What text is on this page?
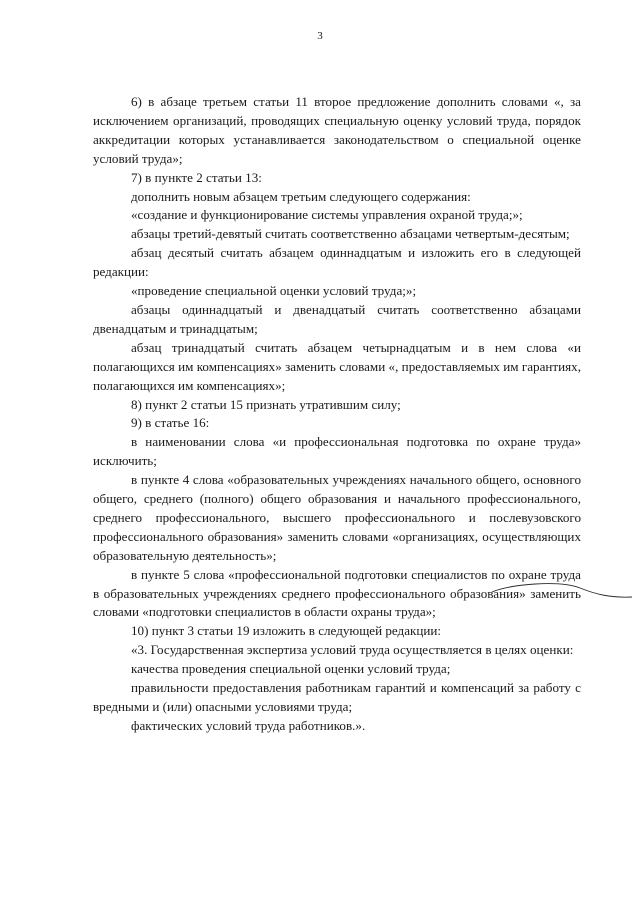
3

6) в абзаце третьем статьи 11 второе предложение дополнить словами «, за исключением организаций, проводящих специальную оценку условий труда, порядок аккредитации которых устанавливается законодательством о специальной оценке условий труда»;

7) в пункте 2 статьи 13:

дополнить новым абзацем третьим следующего содержания:

«создание и функционирование системы управления охраной труда;»;

абзацы третий-девятый считать соответственно абзацами четвертым-десятым;

абзац десятый считать абзацем одиннадцатым и изложить его в следующей редакции:

«проведение специальной оценки условий труда;»;

абзацы одиннадцатый и двенадцатый считать соответственно абзацами двенадцатым и тринадцатым;

абзац тринадцатый считать абзацем четырнадцатым и в нем слова «и полагающихся им компенсациях» заменить словами «, предоставляемых им гарантиях, полагающихся им компенсациях»;

8) пункт 2 статьи 15 признать утратившим силу;

9) в статье 16:

в наименовании слова «и профессиональная подготовка по охране труда» исключить;

в пункте 4 слова «образовательных учреждениях начального общего, основного общего, среднего (полного) общего образования и начального профессионального, среднего профессионального, высшего профессионального и послевузовского профессионального образования» заменить словами «организациях, осуществляющих образовательную деятельность»;

в пункте 5 слова «профессиональной подготовки специалистов по охране труда в образовательных учреждениях среднего профессионального образования» заменить словами «подготовки специалистов в области охраны труда»;

10) пункт 3 статьи 19 изложить в следующей редакции:

«3. Государственная экспертиза условий труда осуществляется в целях оценки:

качества проведения специальной оценки условий труда;

правильности предоставления работникам гарантий и компенсаций за работу с вредными и (или) опасными условиями труда;

фактических условий труда работников.».
